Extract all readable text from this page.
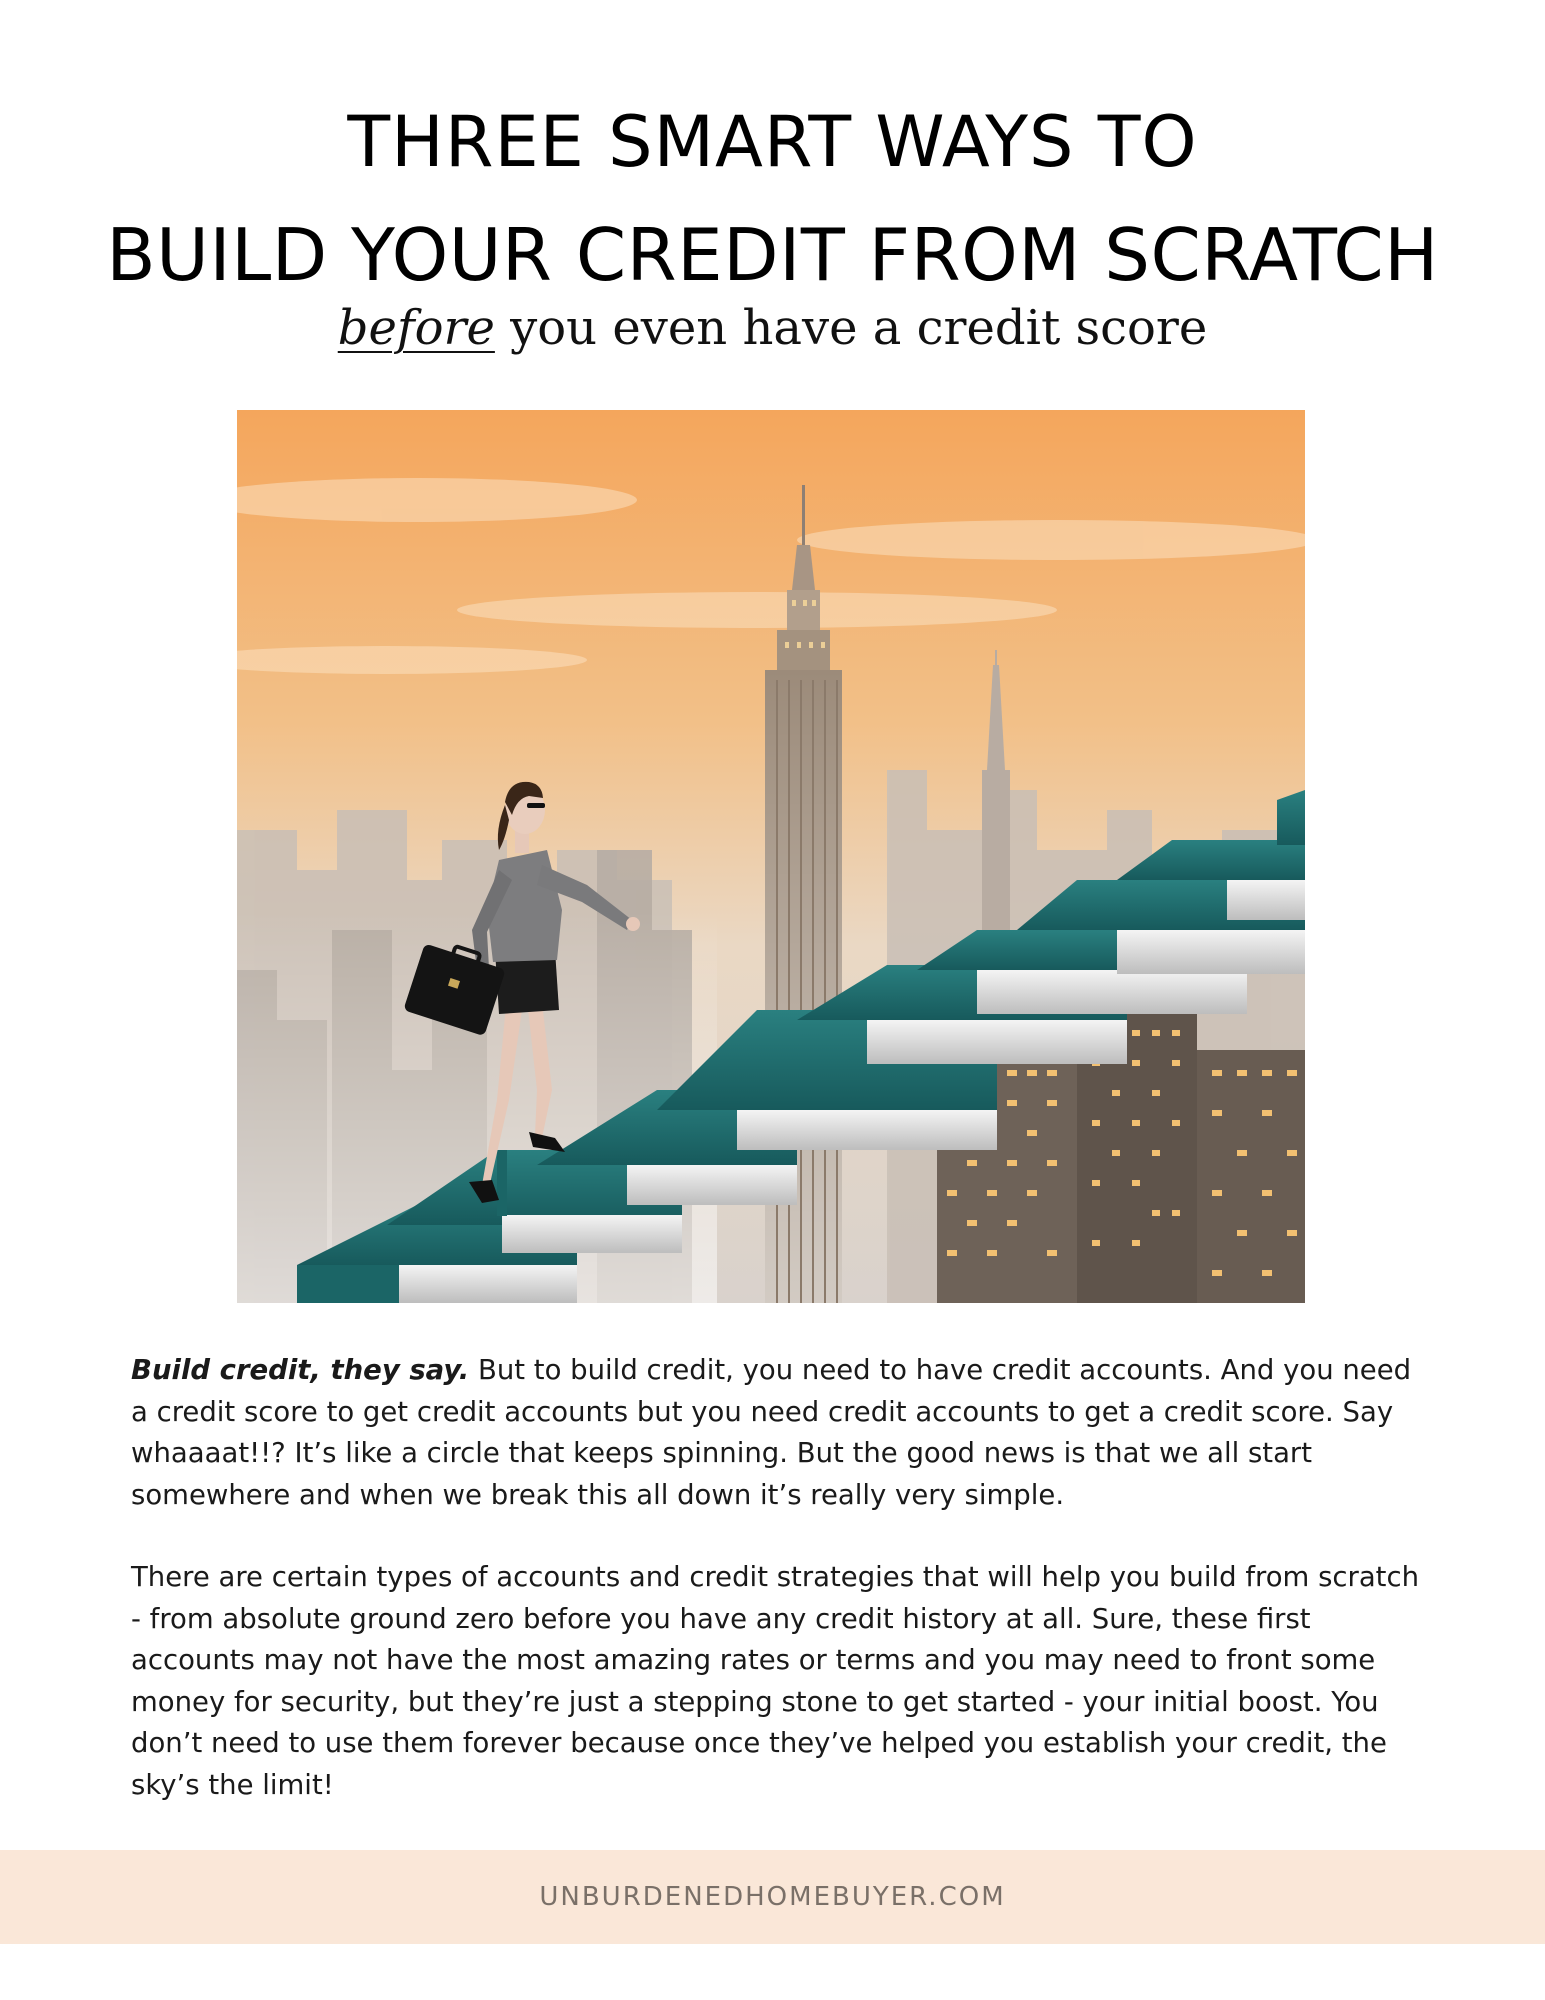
THREE SMART WAYS TO
BUILD YOUR CREDIT FROM SCRATCH
before you even have a credit score

Build credit, they say. But to build credit, you need to have credit accounts. And you need a credit score to get credit accounts but you need credit accounts to get a credit score. Say whaaaat!!? It’s like a circle that keeps spinning. But the good news is that we all start somewhere and when we break this all down it’s really very simple.

There are certain types of accounts and credit strategies that will help you build from scratch - from absolute ground zero before you have any credit history at all. Sure, these first accounts may not have the most amazing rates or terms and you may need to front some money for security, but they’re just a stepping stone to get started - your initial boost. You don’t need to use them forever because once they’ve helped you establish your credit, the sky’s the limit!

UNBURDENEDHOMEBUYER.COM
